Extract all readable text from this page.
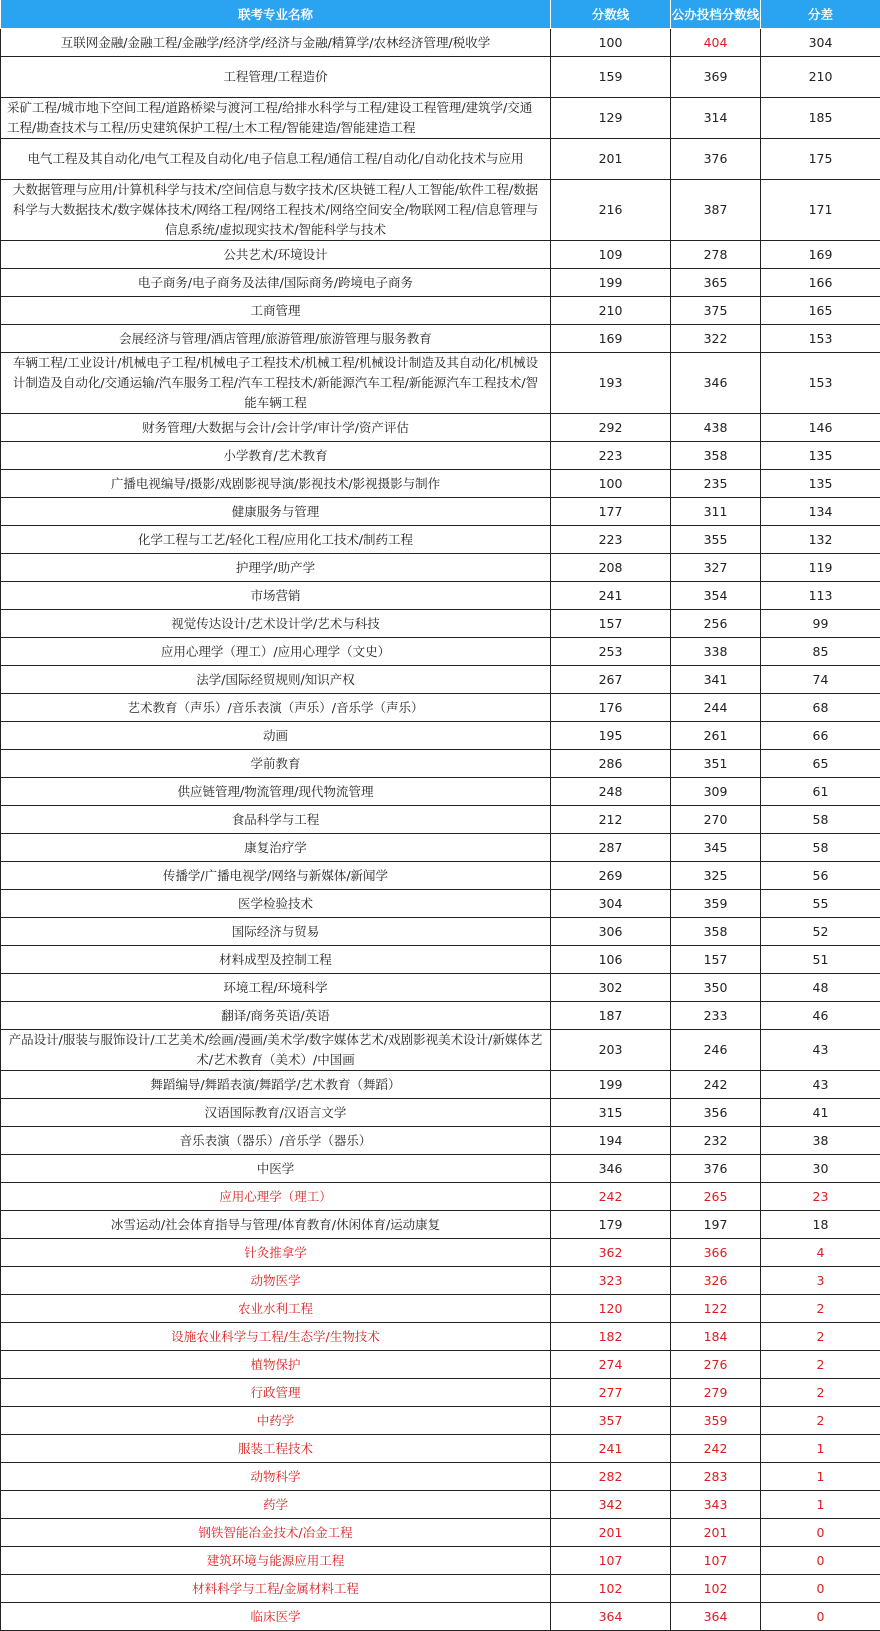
联考专业名称	分数线	公办投档分数线	分差
互联网金融/金融工程/金融学/经济学/经济与金融/精算学/农林经济管理/税收学	100	404	304
工程管理/工程造价	159	369	210
采矿工程/城市地下空间工程/道路桥梁与渡河工程/给排水科学与工程/建设工程管理/建筑学/交通工程/勘查技术与工程/历史建筑保护工程/土木工程/智能建造/智能建造工程	129	314	185
电气工程及其自动化/电气工程及自动化/电子信息工程/通信工程/自动化/自动化技术与应用	201	376	175
大数据管理与应用/计算机科学与技术/空间信息与数字技术/区块链工程/人工智能/软件工程/数据科学与大数据技术/数字媒体技术/网络工程/网络工程技术/网络空间安全/物联网工程/信息管理与信息系统/虚拟现实技术/智能科学与技术	216	387	171
公共艺术/环境设计	109	278	169
电子商务/电子商务及法律/国际商务/跨境电子商务	199	365	166
工商管理	210	375	165
会展经济与管理/酒店管理/旅游管理/旅游管理与服务教育	169	322	153
车辆工程/工业设计/机械电子工程/机械电子工程技术/机械工程/机械设计制造及其自动化/机械设计制造及自动化/交通运输/汽车服务工程/汽车工程技术/新能源汽车工程/新能源汽车工程技术/智能车辆工程	193	346	153
财务管理/大数据与会计/会计学/审计学/资产评估	292	438	146
小学教育/艺术教育	223	358	135
广播电视编导/摄影/戏剧影视导演/影视技术/影视摄影与制作	100	235	135
健康服务与管理	177	311	134
化学工程与工艺/轻化工程/应用化工技术/制药工程	223	355	132
护理学/助产学	208	327	119
市场营销	241	354	113
视觉传达设计/艺术设计学/艺术与科技	157	256	99
应用心理学（理工）/应用心理学（文史）	253	338	85
法学/国际经贸规则/知识产权	267	341	74
艺术教育（声乐）/音乐表演（声乐）/音乐学（声乐）	176	244	68
动画	195	261	66
学前教育	286	351	65
供应链管理/物流管理/现代物流管理	248	309	61
食品科学与工程	212	270	58
康复治疗学	287	345	58
传播学/广播电视学/网络与新媒体/新闻学	269	325	56
医学检验技术	304	359	55
国际经济与贸易	306	358	52
材料成型及控制工程	106	157	51
环境工程/环境科学	302	350	48
翻译/商务英语/英语	187	233	46
产品设计/服装与服饰设计/工艺美术/绘画/漫画/美术学/数字媒体艺术/戏剧影视美术设计/新媒体艺术/艺术教育（美术）/中国画	203	246	43
舞蹈编导/舞蹈表演/舞蹈学/艺术教育（舞蹈）	199	242	43
汉语国际教育/汉语言文学	315	356	41
音乐表演（器乐）/音乐学（器乐）	194	232	38
中医学	346	376	30
应用心理学（理工）	242	265	23
冰雪运动/社会体育指导与管理/体育教育/休闲体育/运动康复	179	197	18
针灸推拿学	362	366	4
动物医学	323	326	3
农业水利工程	120	122	2
设施农业科学与工程/生态学/生物技术	182	184	2
植物保护	274	276	2
行政管理	277	279	2
中药学	357	359	2
服装工程技术	241	242	1
动物科学	282	283	1
药学	342	343	1
钢铁智能冶金技术/冶金工程	201	201	0
建筑环境与能源应用工程	107	107	0
材料科学与工程/金属材料工程	102	102	0
临床医学	364	364	0
